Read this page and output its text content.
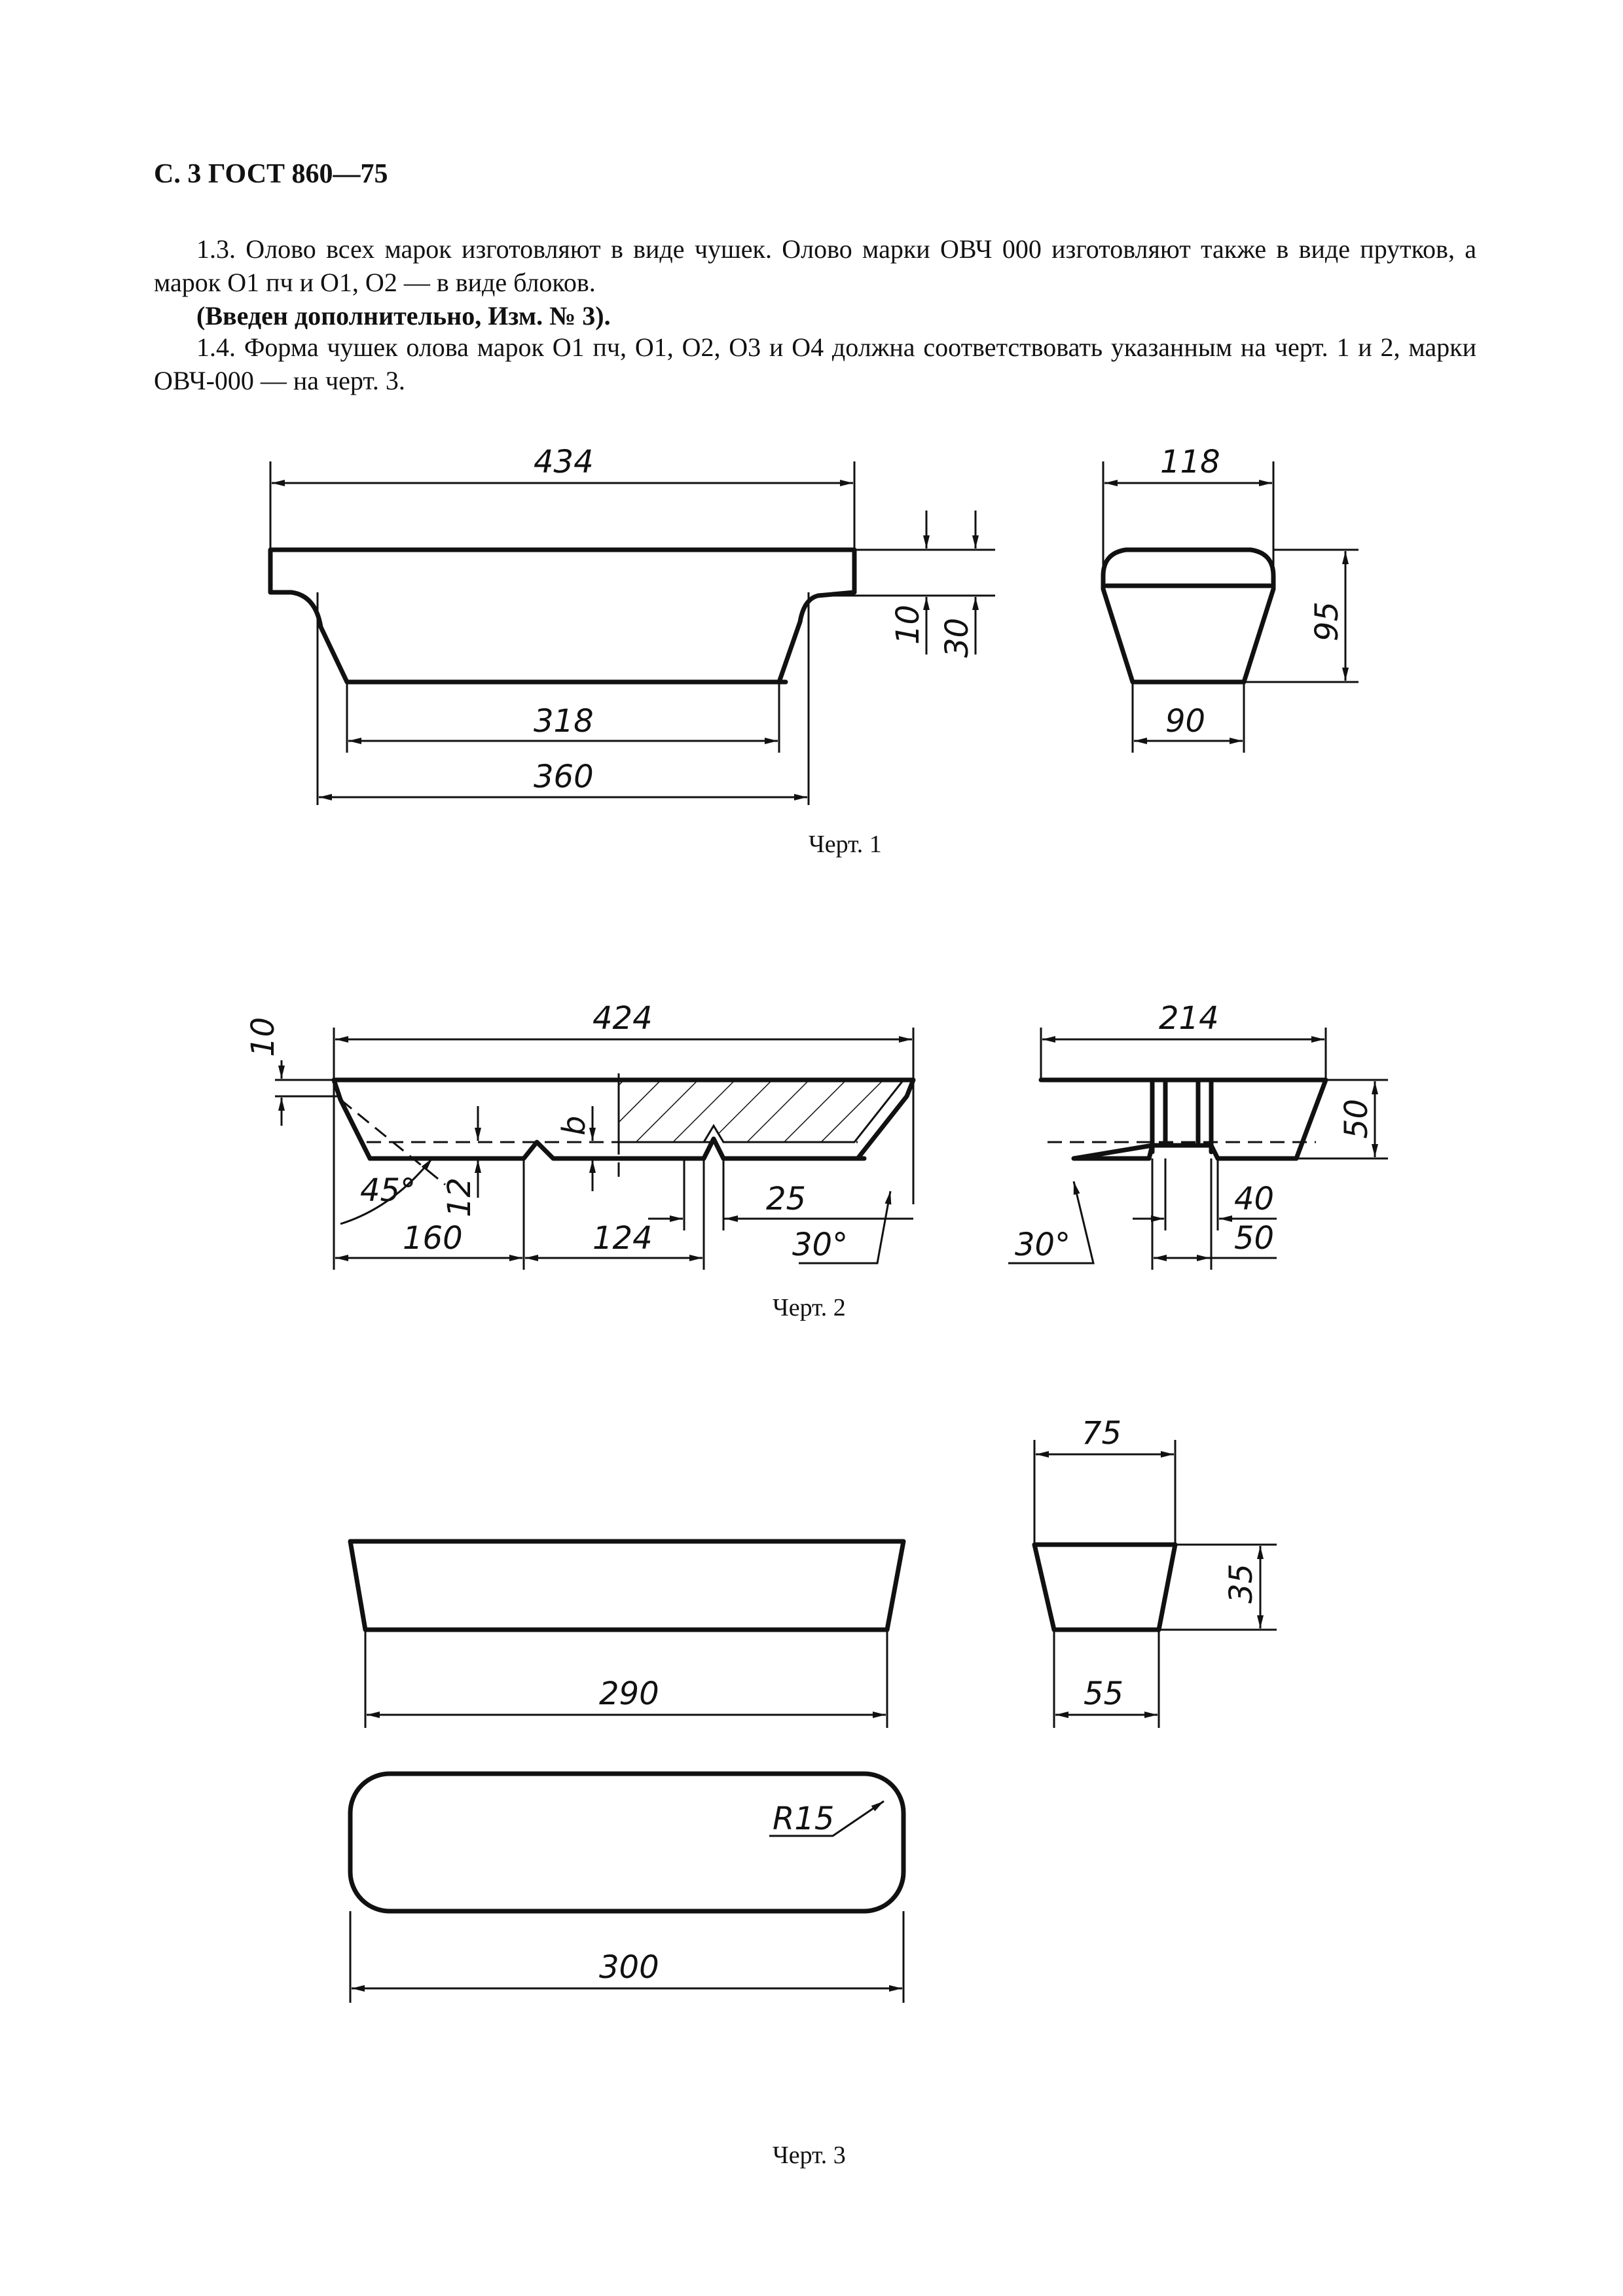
С. 3 ГОСТ 860—75

1.3. Олово всех марок изготовляют в виде чушек. Олово марки ОВЧ 000 изготовляют также в виде прутков, а марок О1 пч и О1, О2 — в виде блоков.

(Введен дополнительно, Изм. № 3).

1.4. Форма чушек олова марок О1 пч, О1, О2, О3 и О4 должна соответствовать указанным на черт. 1 и 2, марки ОВЧ-000 — на черт. 3.

434
318
360
10 30
118
95
90
Черт. 1
424
10
b
12
45°
160	124
25
30°
214
50
40
50
30°
Черт. 2
75
35
55
290
R15
300
Черт. 3
